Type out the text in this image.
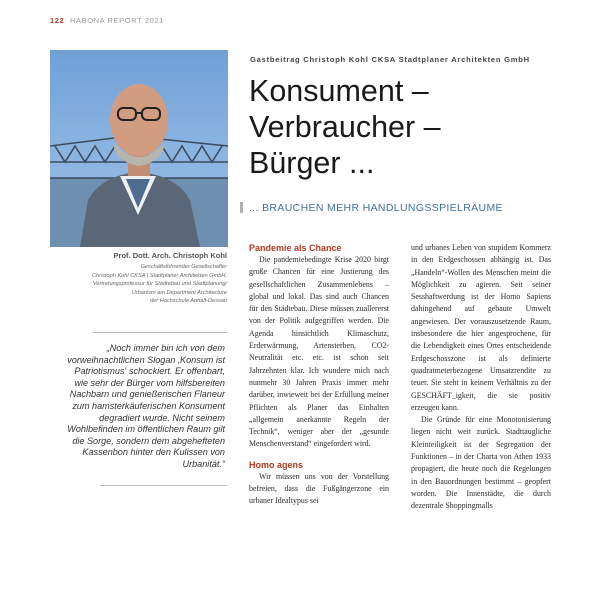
122 HABONA REPORT 2021
Prof. Dott. Arch. Christoph Kohl
Geschäftsführender Gesellschafter
Christoph Kohl CKSA | Stadtplaner Architekten GmbH,
Vertretungsprofessur für Städtebau und Stadtplanung/
Urbanism am Department Architecture
der Hochschule Anhalt-Dessau
„Noch immer bin ich von dem vorweihnachtlichen Slogan ‚Konsum ist Patriotismus‘ schockiert. Er offenbart, wie sehr der Bürger vom hilfsbereiten Nachbarn und genießerischen Flaneur zum hamsterkäuferischen Konsument degradiert wurde. Nicht seinem Wohlbefinden im öffentlichen Raum gilt die Sorge, sondern dem abgehefteten Kassenbon hinter den Kulissen von Urbanität.“
Gastbeitrag Christoph Kohl CKSA Stadtplaner Architekten GmbH
Konsument –
Verbraucher –
Bürger ...
... BRAUCHEN MEHR HANDLUNGSSPIELRÄUME
Pandemie als Chance

Die pandemiebedingte Krise 2020 birgt große Chancen für eine Justierung des gesellschaftlichen Zusammenlebens – global und lokal. Das sind auch Chancen für den Städtebau. Diese müssen zuallererst von der Politik aufgegriffen werden. Die Agenda hinsichtlich Klimaschutz, Erderwärmung, Artensterben, CO2-Neutralität etc. etc. ist schon seit Jahrzehnten klar. Ich wundere mich nach nunmehr 30 Jahren Praxis immer mehr darüber, inwieweit bei der Erfüllung meiner Pflichten als Planer das Einhalten „allgemein anerkannte Regeln der Technik“, weniger aber der „gesunde Menschenverstand“ eingefordert wird.

Homo agens

Wir müssen uns von der Vorstellung befreien, dass die Fußgängerzone ein urbaner Idealtypus sei

und urbanes Leben von stupidem Kommerz in den Erdgeschossen abhängig ist. Das „Handeln“-Wollen des Menschen meint die Möglichkeit zu agieren. Seit seiner Sesshaftwerdung ist der Homo Sapiens dahingehend auf gebaute Umwelt angewiesen. Der vorauszusetzende Raum, insbesondere die hier angesprochene, für die Lebendigkeit eines Ortes entscheidende Erdgeschosszone ist als definierte quadratmeterbezogene Umsatzrendite zu teuer. Sie steht in keinem Verhältnis zu der GESCHÄFT_igkeit, die sie positiv erzeugen kann.

Die Gründe für eine Monotonisierung liegen nicht weit zurück. Stadttaugliche Kleinteiligkeit ist der Segregation der Funktionen – in der Charta von Athen 1933 propagiert, die heute noch die Regelungen in den Bauordnungen bestimmt – geopfert worden. Die Innenstädte, die durch dezentrale Shoppingmalls
